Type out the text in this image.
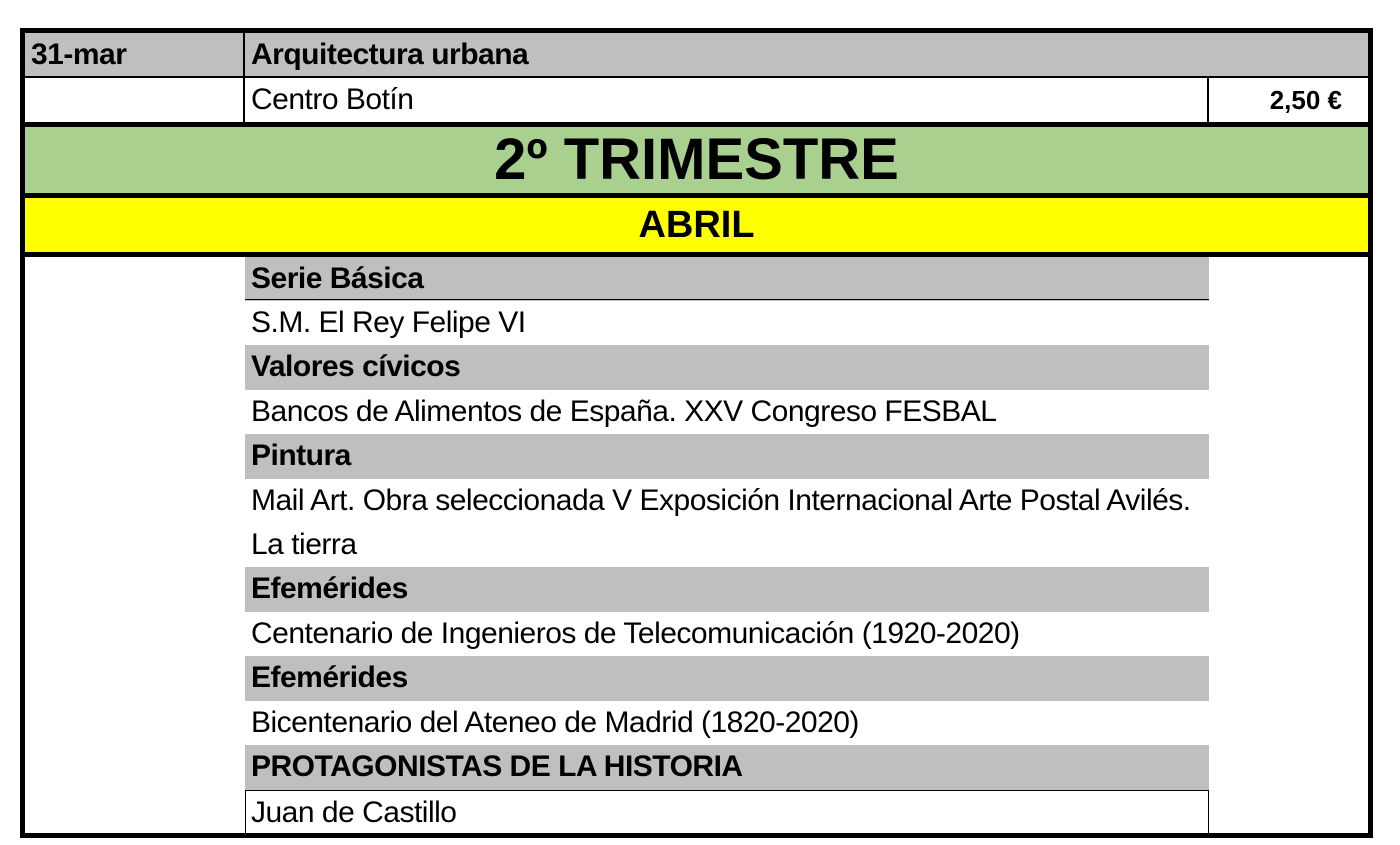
31-mar	Arquitectura urbana
Centro Botín	2,50 €
2º TRIMESTRE
ABRIL
Serie Básica
S.M. El Rey Felipe VI
Valores cívicos
Bancos de Alimentos de España. XXV Congreso FESBAL
Pintura
Mail Art. Obra seleccionada V Exposición Internacional Arte Postal Avilés.
La tierra
Efemérides
Centenario de Ingenieros de Telecomunicación (1920-2020)
Efemérides
Bicentenario del Ateneo de Madrid (1820-2020)
PROTAGONISTAS DE LA HISTORIA
Juan de Castillo
